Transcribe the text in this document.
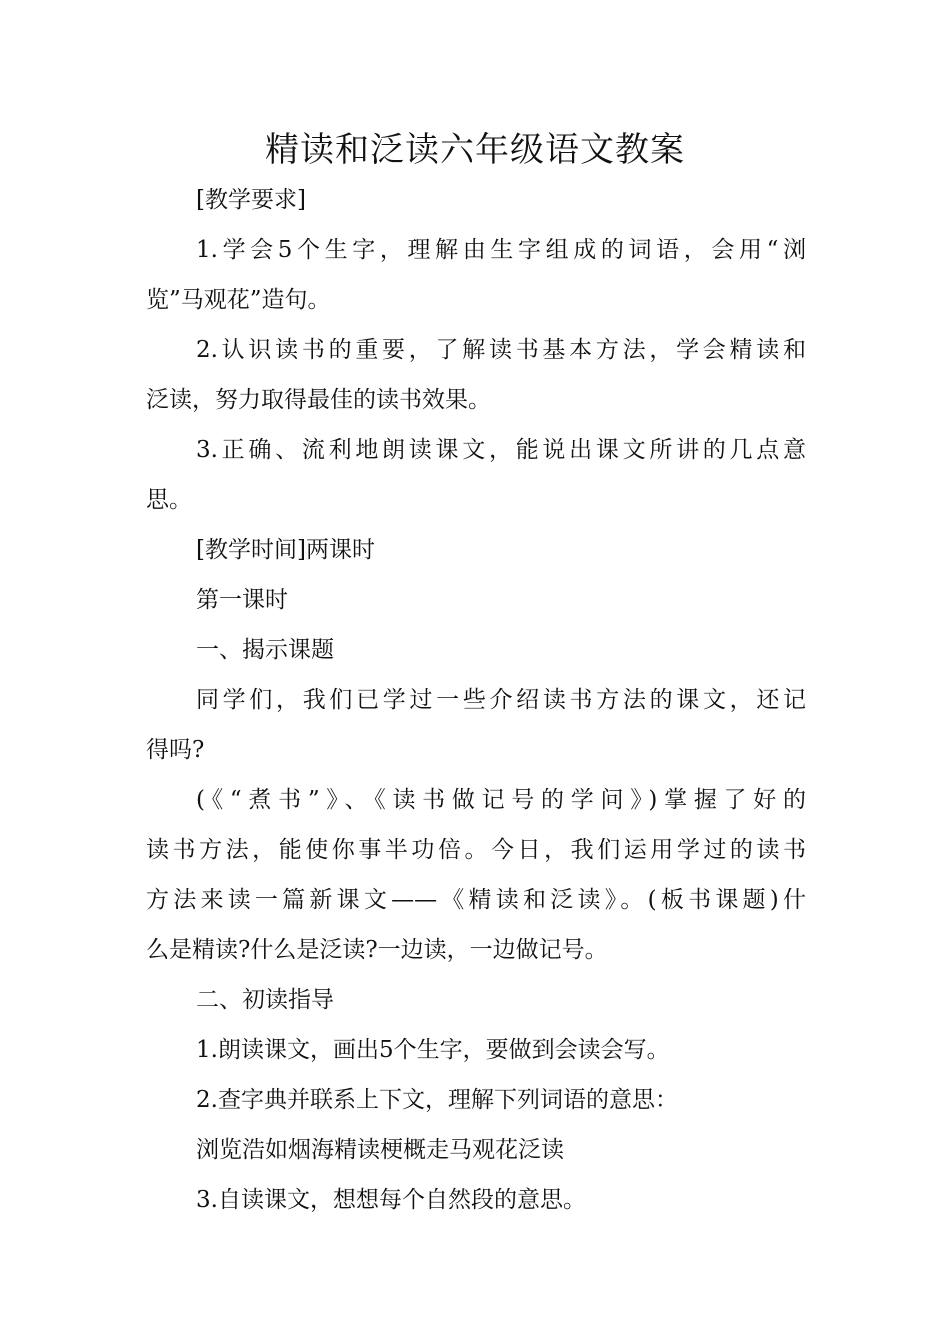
精读和泛读六年级语文教案

[教学要求]

1.学会5个生字，理解由生字组成的词语，会用“浏

览”马观花”造句。

2.认识读书的重要，了解读书基本方法，学会精读和

泛读，努力取得最佳的读书效果。

3.正确、流利地朗读课文，能说出课文所讲的几点意

思。

[教学时间]两课时

第一课时

一、揭示课题

同学们，我们已学过一些介绍读书方法的课文，还记

得吗?

(《“煮书”》、《读书做记号的学问》)掌握了好的

读书方法，能使你事半功倍。今日，我们运用学过的读书

方法来读一篇新课文——《精读和泛读》。(板书课题)什

么是精读?什么是泛读?一边读，一边做记号。

二、初读指导

1.朗读课文，画出5个生字，要做到会读会写。

2.查字典并联系上下文，理解下列词语的意思：

浏览浩如烟海精读梗概走马观花泛读

3.自读课文，想想每个自然段的意思。
